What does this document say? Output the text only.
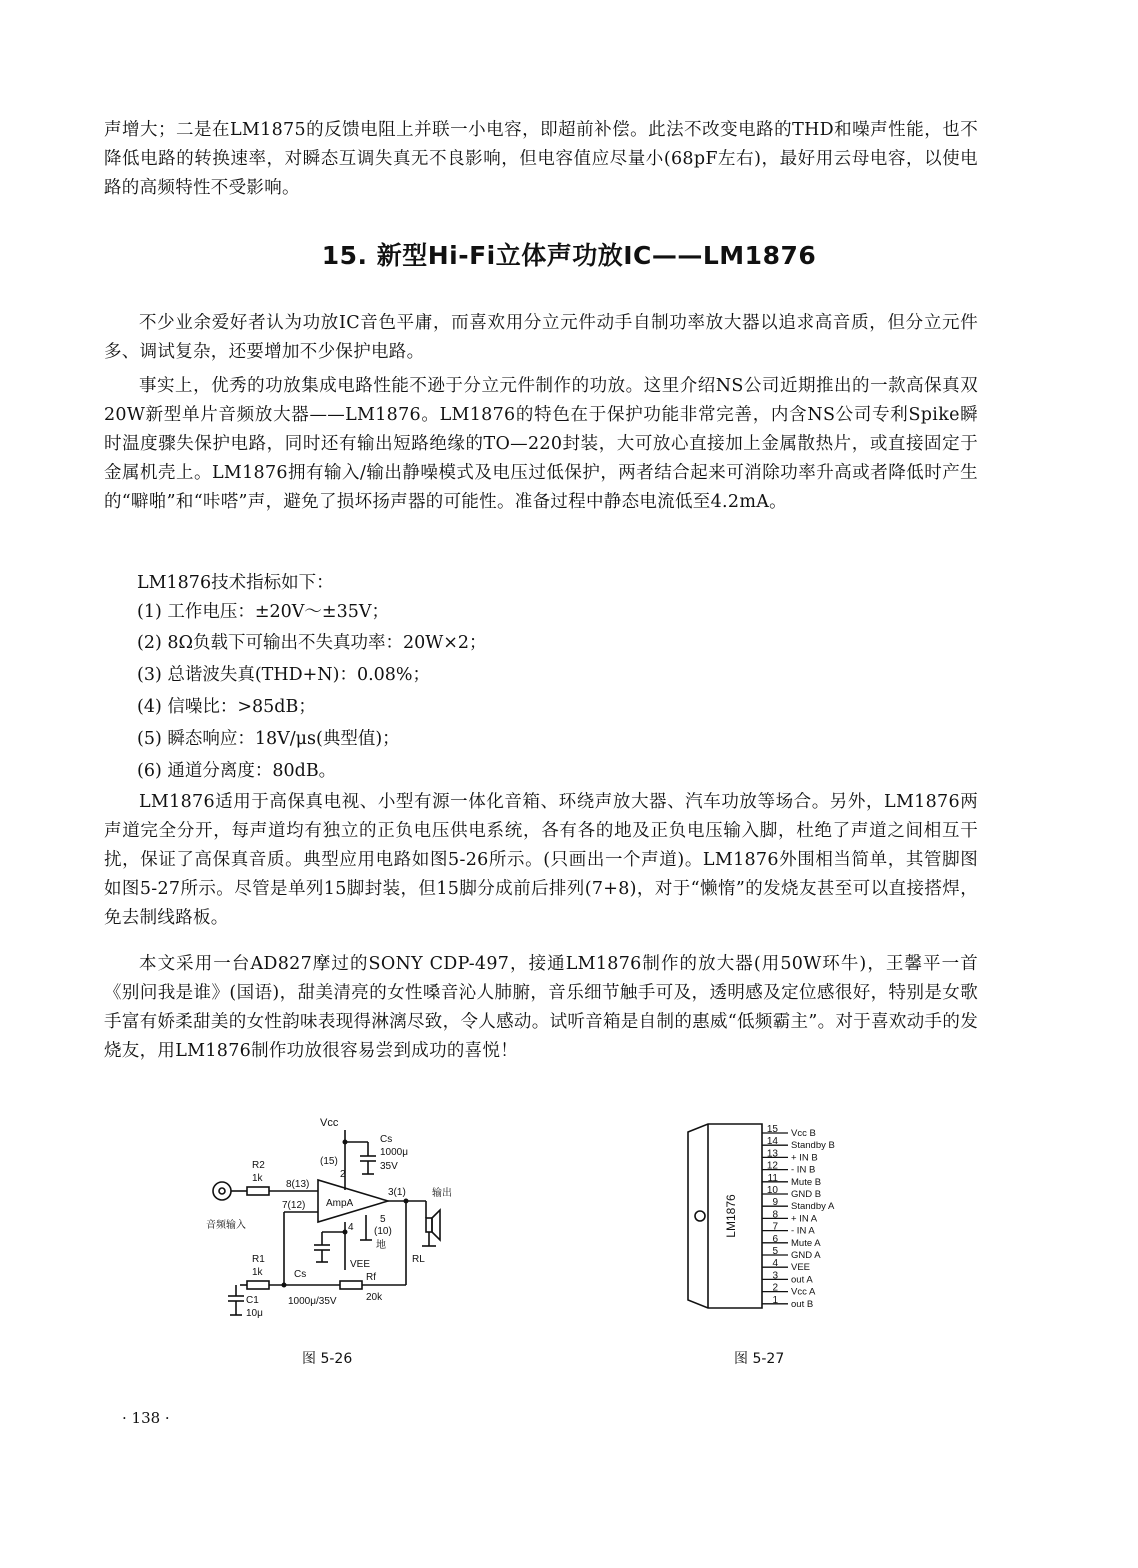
声增大；二是在LM1875的反馈电阻上并联一小电容，即超前补偿。此法不改变电路的THD和噪声性能，也不降低电路的转换速率，对瞬态互调失真无不良影响，但电容值应尽量小(68pF左右)，最好用云母电容，以使电路的高频特性不受影响。

15. 新型Hi-Fi立体声功放IC——LM1876

不少业余爱好者认为功放IC音色平庸，而喜欢用分立元件动手自制功率放大器以追求高音质，但分立元件多、调试复杂，还要增加不少保护电路。

事实上，优秀的功放集成电路性能不逊于分立元件制作的功放。这里介绍NS公司近期推出的一款高保真双20W新型单片音频放大器——LM1876。LM1876的特色在于保护功能非常完善，内含NS公司专利Spike瞬时温度骤失保护电路，同时还有输出短路绝缘的TO—220封装，大可放心直接加上金属散热片，或直接固定于金属机壳上。LM1876拥有输入/输出静噪模式及电压过低保护，两者结合起来可消除功率升高或者降低时产生的“噼啪”和“咔嗒”声，避免了损坏扬声器的可能性。准备过程中静态电流低至4.2mA。

LM1876技术指标如下：

(1) 工作电压：±20V～±35V；

(2) 8Ω负载下可输出不失真功率：20W×2；

(3) 总谐波失真(THD+N)：0.08%；

(4) 信噪比：>85dB；

(5) 瞬态响应：18V/μs(典型值)；

(6) 通道分离度：80dB。

LM1876适用于高保真电视、小型有源一体化音箱、环绕声放大器、汽车功放等场合。另外，LM1876两声道完全分开，每声道均有独立的正负电压供电系统，各有各的地及正负电压输入脚，杜绝了声道之间相互干扰，保证了高保真音质。典型应用电路如图5-26所示。(只画出一个声道)。LM1876外围相当简单，其管脚图如图5-27所示。尽管是单列15脚封装，但15脚分成前后排列(7+8)，对于“懒惰”的发烧友甚至可以直接搭焊，免去制线路板。

本文采用一台AD827摩过的SONY CDP-497，接通LM1876制作的放大器(用50W环牛)，王馨平一首《别问我是谁》(国语)，甜美清亮的女性嗓音沁人肺腑，音乐细节触手可及，透明感及定位感很好，特别是女歌手富有娇柔甜美的女性韵味表现得淋漓尽致，令人感动。试听音箱是自制的惠威“低频霸主”。对于喜欢动手的发烧友，用LM1876制作功放很容易尝到成功的喜悦！

Vcc
Cs
1000μ
35V
(15)
2
R2
1k
8(13)
7(12) AmpA
3(1)	输出
音频输入	4
5
(10)
地
VEE	RL
R1
1k	Cs	Rf
C1
10μ
1000μ/35V	20k
图 5-26
LM1876
15 Vcc B
14 Standby B
13 + IN B
12 - IN B
11 Mute B
10 GND B
9 Standby A
8 + IN A
7 - IN A
6 Mute A
5 GND A
4 VEE
3 out A
2 Vcc A
1 out B
图 5-27
· 138 ·
